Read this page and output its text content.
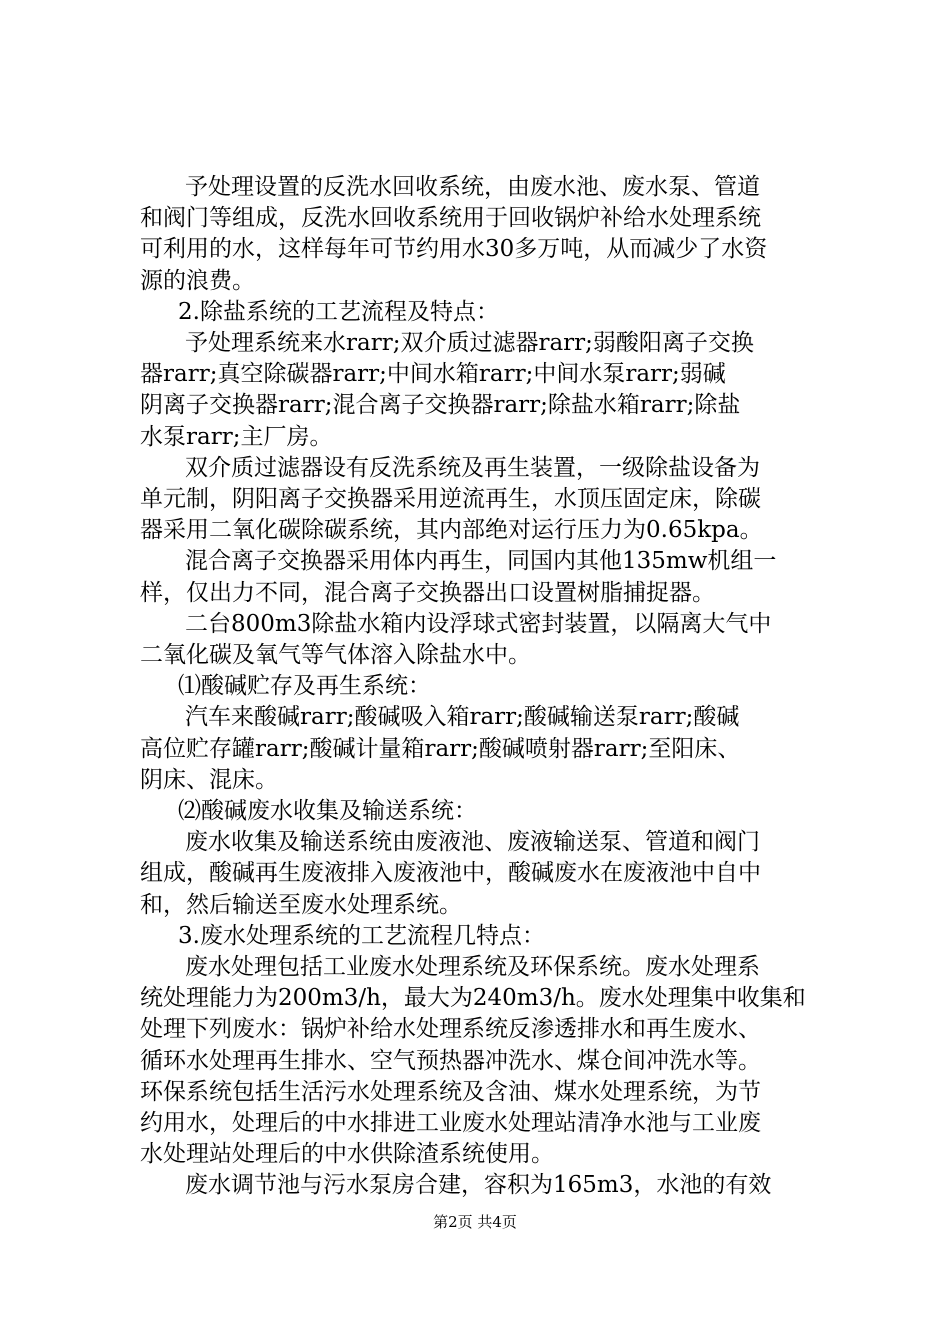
予处理设置的反洗水回收系统，由废水池、废水泵、管道
和阀门等组成，反洗水回收系统用于回收锅炉补给水处理系统
可利用的水，这样每年可节约用水30多万吨，从而减少了水资
源的浪费。
2.除盐系统的工艺流程及特点：
予处理系统来水rarr;双介质过滤器rarr;弱酸阳离子交换
器rarr;真空除碳器rarr;中间水箱rarr;中间水泵rarr;弱碱
阴离子交换器rarr;混合离子交换器rarr;除盐水箱rarr;除盐
水泵rarr;主厂房。
双介质过滤器设有反洗系统及再生装置，一级除盐设备为
单元制，阴阳离子交换器采用逆流再生，水顶压固定床，除碳
器采用二氧化碳除碳系统，其内部绝对运行压力为0.65kpa。
混合离子交换器采用体内再生，同国内其他135mw机组一
样，仅出力不同，混合离子交换器出口设置树脂捕捉器。
二台800m3除盐水箱内设浮球式密封装置，以隔离大气中
二氧化碳及氧气等气体溶入除盐水中。
⑴酸碱贮存及再生系统：
汽车来酸碱rarr;酸碱吸入箱rarr;酸碱输送泵rarr;酸碱
高位贮存罐rarr;酸碱计量箱rarr;酸碱喷射器rarr;至阳床、
阴床、混床。
⑵酸碱废水收集及输送系统：
废水收集及输送系统由废液池、废液输送泵、管道和阀门
组成，酸碱再生废液排入废液池中，酸碱废水在废液池中自中
和，然后输送至废水处理系统。
3.废水处理系统的工艺流程几特点：
废水处理包括工业废水处理系统及环保系统。废水处理系
统处理能力为200m3/h，最大为240m3/h。废水处理集中收集和
处理下列废水：锅炉补给水处理系统反渗透排水和再生废水、
循环水处理再生排水、空气预热器冲洗水、煤仓间冲洗水等。
环保系统包括生活污水处理系统及含油、煤水处理系统，为节
约用水，处理后的中水排进工业废水处理站清净水池与工业废
水处理站处理后的中水供除渣系统使用。
废水调节池与污水泵房合建，容积为165m3，水池的有效
第2页 共4页
